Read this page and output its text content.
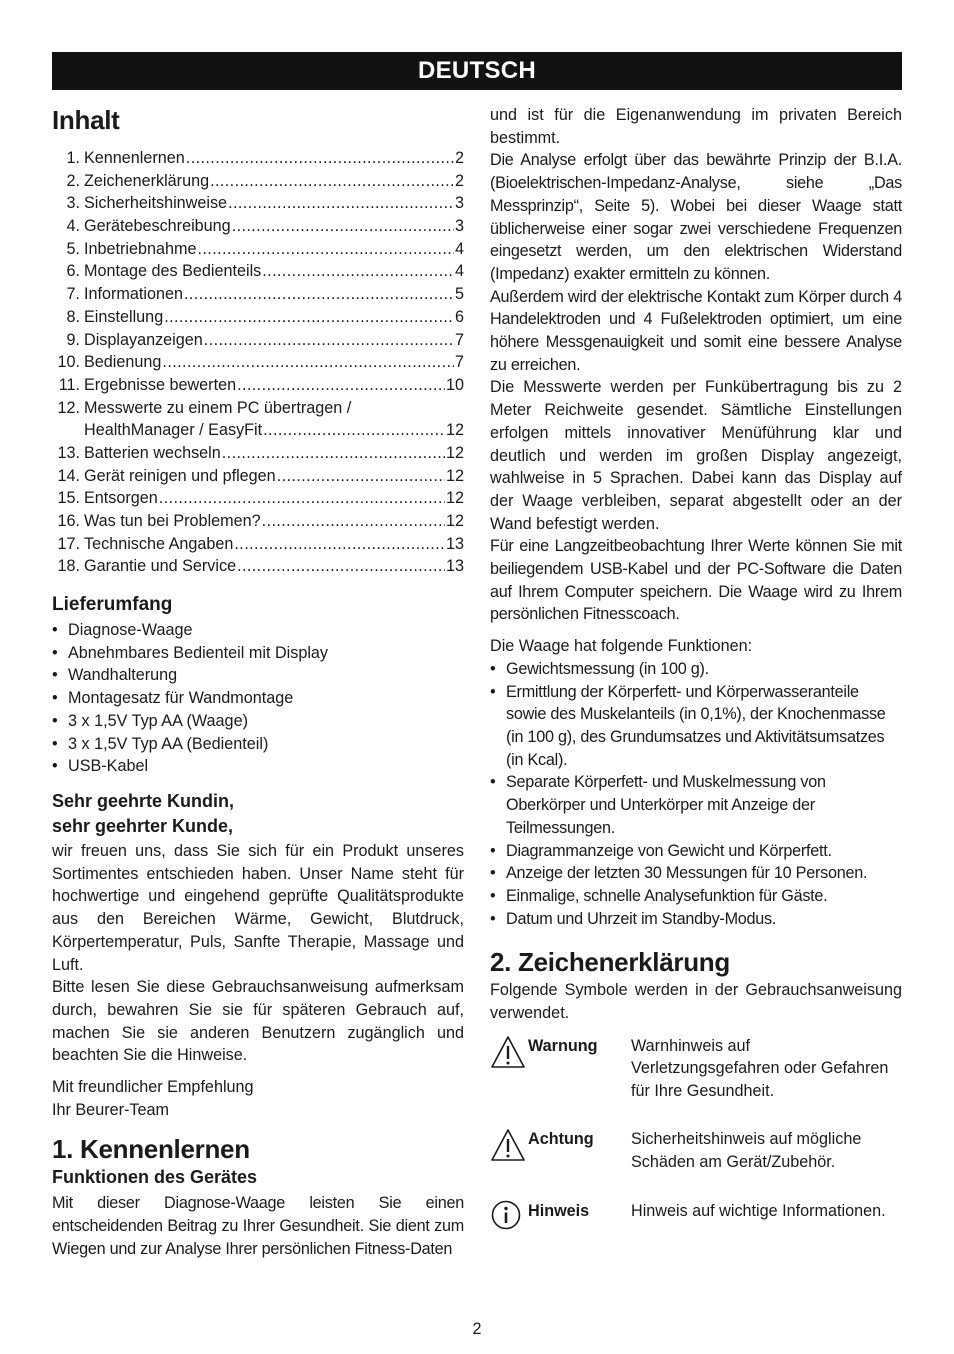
DEUTSCH
Inhalt
1. Kennenlernen .....	2
2. Zeichenerklärung .....	2
3. Sicherheitshinweise .....	3
4. Gerätebeschreibung .....	3
5. Inbetriebnahme .....	4
6. Montage des Bedienteils .....	4
7. Informationen .....	5
8. Einstellung .....	6
9. Displayanzeigen .....	7
10. Bedienung .....	7
11. Ergebnisse bewerten .....	10
12. Messwerte zu einem PC übertragen /
HealthManager / EasyFit .....	12
13. Batterien wechseln .....	12
14. Gerät reinigen und pflegen .....	12
15. Entsorgen .....	12
16. Was tun bei Problemen? .....	12
17. Technische Angaben .....	13
18. Garantie und Service .....	13
Lieferumfang
• Diagnose-Waage
• Abnehmbares Bedienteil mit Display
• Wandhalterung
• Montagesatz für Wandmontage
• 3 x 1,5V Typ AA (Waage)
• 3 x 1,5V Typ AA (Bedienteil)
• USB-Kabel
Sehr geehrte Kundin,
sehr geehrter Kunde,

wir freuen uns, dass Sie sich für ein Produkt unseres Sortimentes entschieden haben. Unser Name steht für hochwertige und eingehend geprüfte Qualitätsprodukte aus den Bereichen Wärme, Gewicht, Blutdruck, Körpertemperatur, Puls, Sanfte Therapie, Massage und Luft.

Bitte lesen Sie diese Gebrauchsanweisung aufmerksam durch, bewahren Sie sie für späteren Gebrauch auf, machen Sie sie anderen Benutzern zugänglich und beachten Sie die Hinweise.

Mit freundlicher Empfehlung

Ihr Beurer-Team

1. Kennenlernen
Funktionen des Gerätes

Mit dieser Diagnose-Waage leisten Sie einen entscheidenden Beitrag zu Ihrer Gesundheit. Sie dient zum Wiegen und zur Analyse Ihrer persönlichen Fitness-Daten

und ist für die Eigenanwendung im privaten Bereich bestimmt.

Die Analyse erfolgt über das bewährte Prinzip der B.I.A. (Bioelektrischen-Impedanz-Analyse, siehe „Das Messprinzip“, Seite 5). Wobei bei dieser Waage statt üblicherweise einer sogar zwei verschiedene Frequenzen eingesetzt werden, um den elektrischen Widerstand (Impedanz) exakter ermitteln zu können.

Außerdem wird der elektrische Kontakt zum Körper durch 4 Handelektroden und 4 Fußelektroden optimiert, um eine höhere Messgenauigkeit und somit eine bessere Analyse zu erreichen.

Die Messwerte werden per Funkübertragung bis zu 2 Meter Reichweite gesendet. Sämtliche Einstellungen erfolgen mittels innovativer Menüführung klar und deutlich und werden im großen Display angezeigt, wahlweise in 5 Sprachen. Dabei kann das Display auf der Waage verbleiben, separat abgestellt oder an der Wand befestigt werden.

Für eine Langzeitbeobachtung Ihrer Werte können Sie mit beiliegendem USB-Kabel und der PC-Software die Daten auf Ihrem Computer speichern. Die Waage wird zu Ihrem persönlichen Fitnesscoach.

Die Waage hat folgende Funktionen:

• Gewichtsmessung (in 100 g).
• Ermittlung der Körperfett- und Körperwasseranteile sowie des Muskelanteils (in 0,1%), der Knochenmasse (in 100 g), des Grundumsatzes und Aktivitätsumsatzes (in Kcal).
• Separate Körperfett- und Muskelmessung von Oberkörper und Unterkörper mit Anzeige der Teilmessungen.
• Diagrammanzeige von Gewicht und Körperfett.
• Anzeige der letzten 30 Messungen für 10 Personen.
• Einmalige, schnelle Analysefunktion für Gäste.
• Datum und Uhrzeit im Standby-Modus.
2. Zeichenerklärung

Folgende Symbole werden in der Gebrauchsanweisung verwendet.

Warnung	Warnhinweis auf Verletzungsgefahren oder Gefahren für Ihre Gesundheit.
Achtung	Sicherheitshinweis auf mögliche Schäden am Gerät/Zubehör.
Hinweis	Hinweis auf wichtige Informationen.
2
